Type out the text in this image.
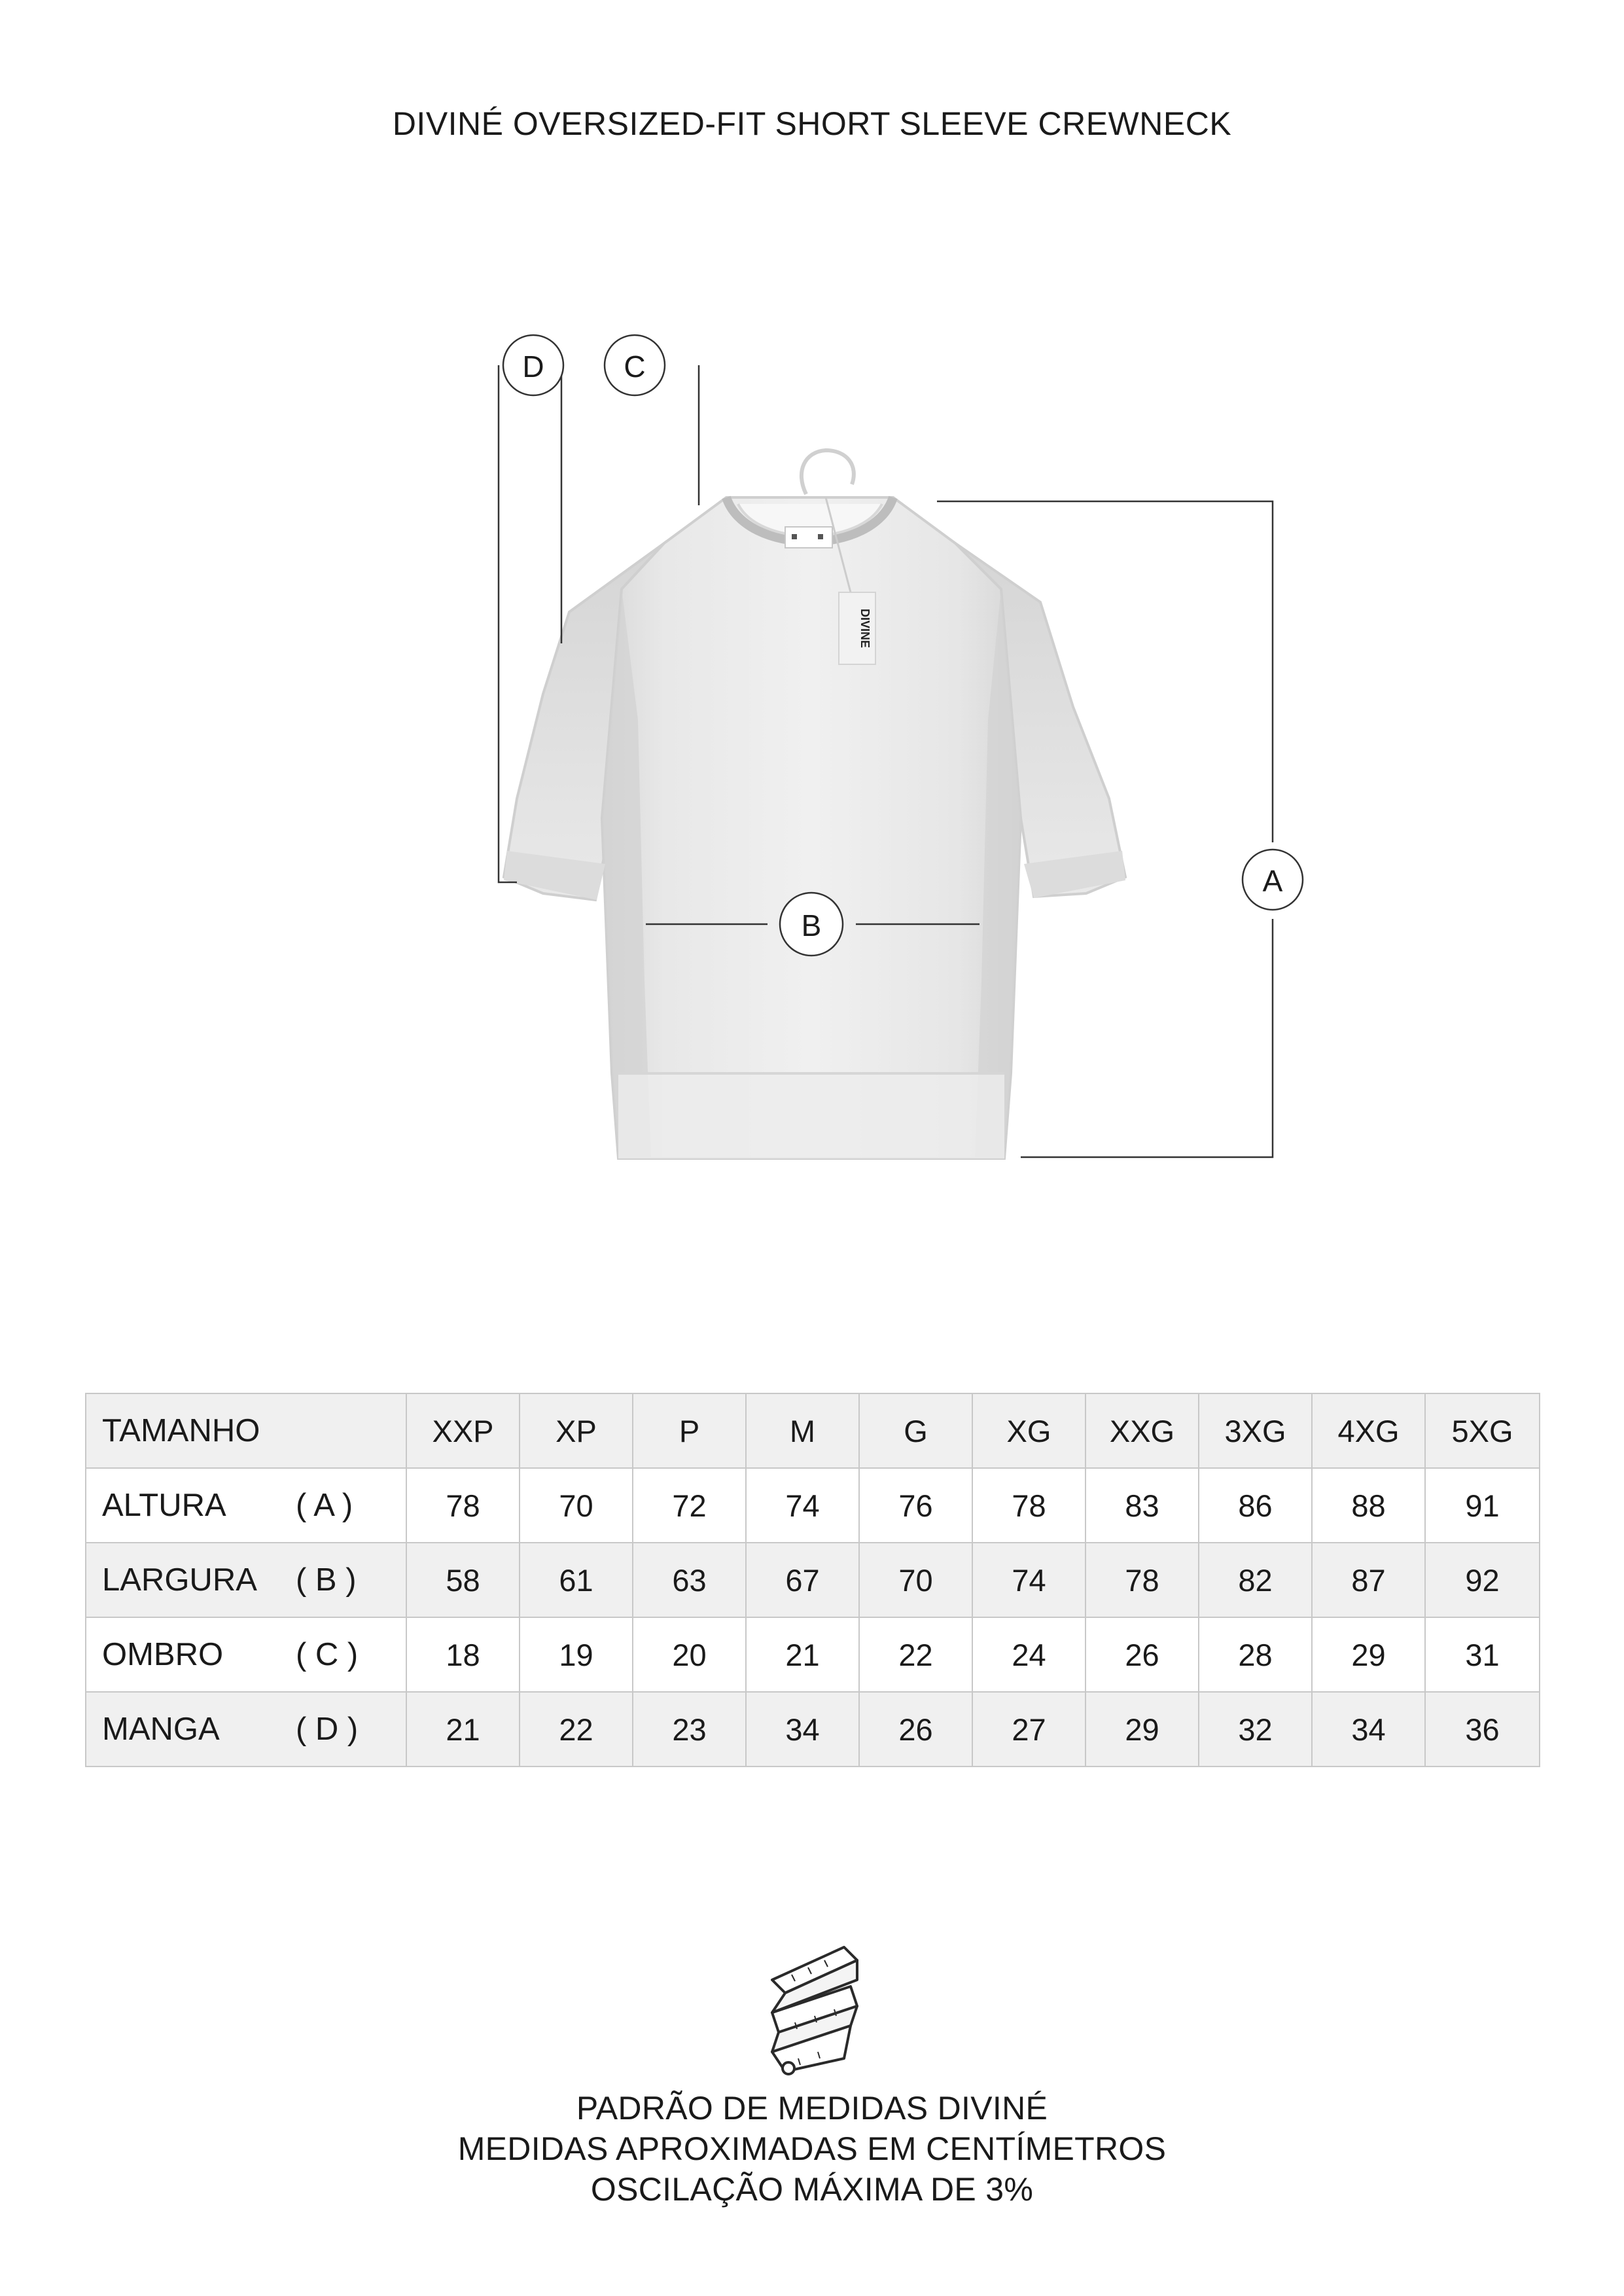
DIVINÉ OVERSIZED-FIT SHORT SLEEVE CREWNECK
DIVINE
D	C
A
B
TAMANHO	XXP	XP	P	M	G	XG	XXG	3XG	4XG	5XG
ALTURA ( A )	78	70	72	74	76	78	83	86	88	91
LARGURA ( B )	58	61	63	67	70	74	78	82	87	92
OMBRO ( C )	18	19	20	21	22	24	26	28	29	31
MANGA ( D )	21	22	23	34	26	27	29	32	34	36
PADRÃO DE MEDIDAS DIVINÉ
MEDIDAS APROXIMADAS EM CENTÍMETROS
OSCILAÇÃO MÁXIMA DE 3%
